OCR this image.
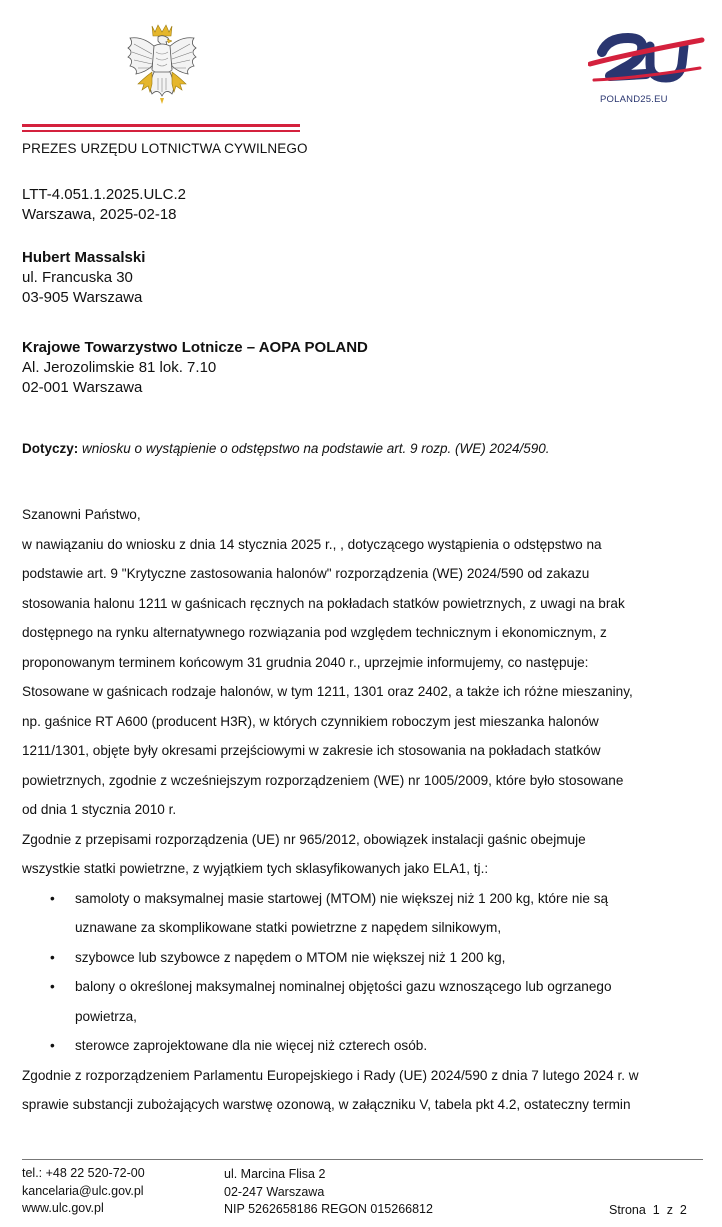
POLAND25.EU
PREZES URZĘDU LOTNICTWA CYWILNEGO
LTT-4.051.1.2025.ULC.2
Warszawa, 2025-02-18
Hubert Massalski
ul. Francuska 30
03-905 Warszawa
Krajowe Towarzystwo Lotnicze – AOPA POLAND
Al. Jerozolimskie 81 lok. 7.10
02-001 Warszawa
Dotyczy: wniosku o wystąpienie o odstępstwo na podstawie art. 9 rozp. (WE) 2024/590.
Szanowni Państwo,
w nawiązaniu do wniosku z dnia 14 stycznia 2025 r., , dotyczącego wystąpienia o odstępstwo na
podstawie art. 9 "Krytyczne zastosowania halonów" rozporządzenia (WE) 2024/590 od zakazu
stosowania halonu 1211 w gaśnicach ręcznych na pokładach statków powietrznych, z uwagi na brak
dostępnego na rynku alternatywnego rozwiązania pod względem technicznym i ekonomicznym, z
proponowanym terminem końcowym 31 grudnia 2040 r., uprzejmie informujemy, co następuje:
Stosowane w gaśnicach rodzaje halonów, w tym 1211, 1301 oraz 2402, a także ich różne mieszaniny,
np. gaśnice RT A600 (producent H3R), w których czynnikiem roboczym jest mieszanka halonów
1211/1301, objęte były okresami przejściowymi w zakresie ich stosowania na pokładach statków
powietrznych, zgodnie z wcześniejszym rozporządzeniem (WE) nr 1005/2009, które było stosowane
od dnia 1 stycznia 2010 r.
Zgodnie z przepisami rozporządzenia (UE) nr 965/2012, obowiązek instalacji gaśnic obejmuje
wszystkie statki powietrzne, z wyjątkiem tych sklasyfikowanych jako ELA1, tj.:
• samoloty o maksymalnej masie startowej (MTOM) nie większej niż 1 200 kg, które nie są
uznawane za skomplikowane statki powietrzne z napędem silnikowym,
• szybowce lub szybowce z napędem o MTOM nie większej niż 1 200 kg,
• balony o określonej maksymalnej nominalnej objętości gazu wznoszącego lub ogrzanego
powietrza,
• sterowce zaprojektowane dla nie więcej niż czterech osób.
Zgodnie z rozporządzeniem Parlamentu Europejskiego i Rady (UE) 2024/590 z dnia 7 lutego 2024 r. w
sprawie substancji zubożających warstwę ozonową, w załączniku V, tabela pkt 4.2, ostateczny termin
tel.: +48 22 520-72-00
kancelaria@ulc.gov.pl
www.ulc.gov.pl
ul. Marcina Flisa 2
02-247 Warszawa
NIP 5262658186 REGON 015266812	Strona 1 z 2
